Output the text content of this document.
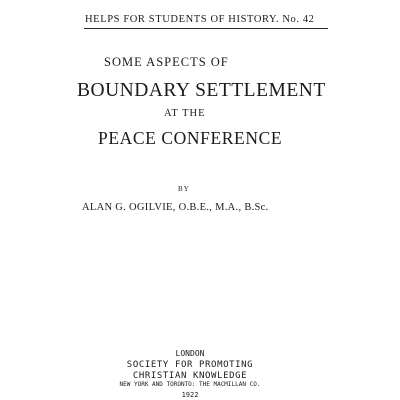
HELPS FOR STUDENTS OF HISTORY. No. 42
SOME ASPECTS OF
BOUNDARY SETTLEMENT
AT THE
PEACE CONFERENCE
BY
ALAN G. OGILVIE, O.B.E., M.A., B.Sc.
LONDON
SOCIETY FOR PROMOTING
CHRISTIAN KNOWLEDGE
NEW YORK AND TORONTO: THE MACMILLAN CO.
1922
